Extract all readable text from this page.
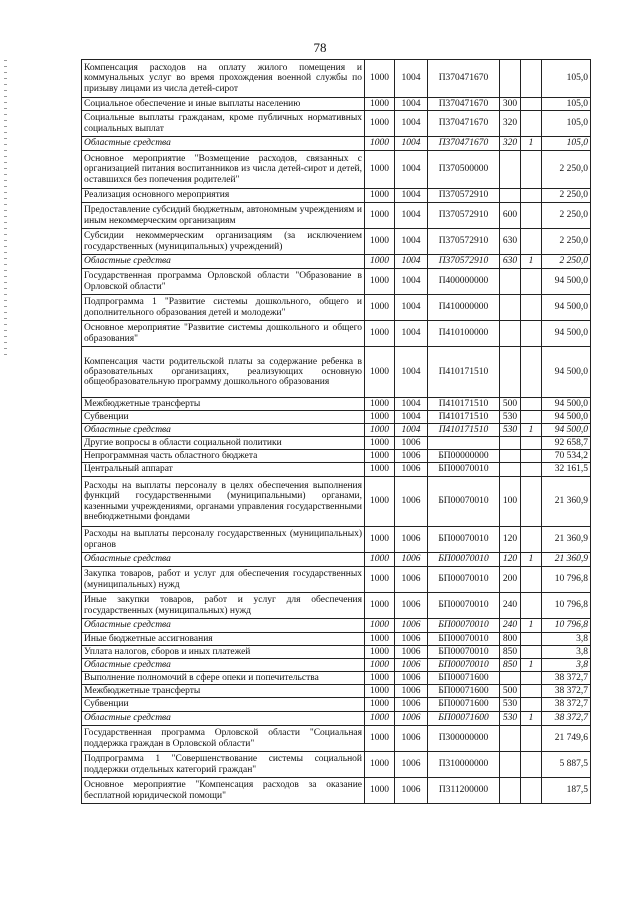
78
Компенсация расходов на оплату жилого помещения и коммунальных услуг во время прохождения военной службы по призыву лицами из числа детей-сирот	1000	1004	П370471670			105,0
Социальное обеспечение и иные выплаты населению	1000	1004	П370471670	300		105,0
Социальные выплаты гражданам, кроме публичных нормативных социальных выплат	1000	1004	П370471670	320		105,0
Областные средства	1000	1004	П370471670	320	1	105,0
Основное мероприятие "Возмещение расходов, связанных с организацией питания воспитанников из числа детей-сирот и детей, оставшихся без попечения родителей"	1000	1004	П370500000			2 250,0
Реализация основного мероприятия	1000	1004	П370572910			2 250,0
Предоставление субсидий бюджетным, автономным учреждениям и иным некоммерческим организациям	1000	1004	П370572910	600		2 250,0
Субсидии некоммерческим организациям (за исключением государственных (муниципальных) учреждений)	1000	1004	П370572910	630		2 250,0
Областные средства	1000	1004	П370572910	630	1	2 250,0
Государственная программа Орловской области "Образование в Орловской области"	1000	1004	П400000000			94 500,0
Подпрограмма 1 "Развитие системы дошкольного, общего и дополнительного образования детей и молодежи"	1000	1004	П410000000			94 500,0
Основное мероприятие "Развитие системы дошкольного и общего образования"	1000	1004	П410100000			94 500,0
Компенсация части родительской платы за содержание ребенка в образовательных организациях, реализующих основную общеобразовательную программу дошкольного образования	1000	1004	П410171510			94 500,0
Межбюджетные трансферты	1000	1004	П410171510	500		94 500,0
Субвенции	1000	1004	П410171510	530		94 500,0
Областные средства	1000	1004	П410171510	530	1	94 500,0
Другие вопросы в области социальной политики	1000	1006				92 658,7
Непрограммная часть областного бюджета	1000	1006	БП00000000			70 534,2
Центральный аппарат	1000	1006	БП00070010			32 161,5
Расходы на выплаты персоналу в целях обеспечения выполнения функций государственными (муниципальными) органами, казенными учреждениями, органами управления государственными внебюджетными фондами	1000	1006	БП00070010	100		21 360,9
Расходы на выплаты персоналу государственных (муниципальных) органов	1000	1006	БП00070010	120		21 360,9
Областные средства	1000	1006	БП00070010	120	1	21 360,9
Закупка товаров, работ и услуг для обеспечения государственных (муниципальных) нужд	1000	1006	БП00070010	200		10 796,8
Иные закупки товаров, работ и услуг для обеспечения государственных (муниципальных) нужд	1000	1006	БП00070010	240		10 796,8
Областные средства	1000	1006	БП00070010	240	1	10 796,8
Иные бюджетные ассигнования	1000	1006	БП00070010	800		3,8
Уплата налогов, сборов и иных платежей	1000	1006	БП00070010	850		3,8
Областные средства	1000	1006	БП00070010	850	1	3,8
Выполнение полномочий в сфере опеки и попечительства	1000	1006	БП00071600			38 372,7
Межбюджетные трансферты	1000	1006	БП00071600	500		38 372,7
Субвенции	1000	1006	БП00071600	530		38 372,7
Областные средства	1000	1006	БП00071600	530	1	38 372,7
Государственная программа Орловской области "Социальная поддержка граждан в Орловской области"	1000	1006	П300000000			21 749,6
Подпрограмма 1 "Совершенствование системы социальной поддержки отдельных категорий граждан"	1000	1006	П310000000			5 887,5
Основное мероприятие "Компенсация расходов за оказание бесплатной юридической помощи"	1000	1006	П311200000			187,5
